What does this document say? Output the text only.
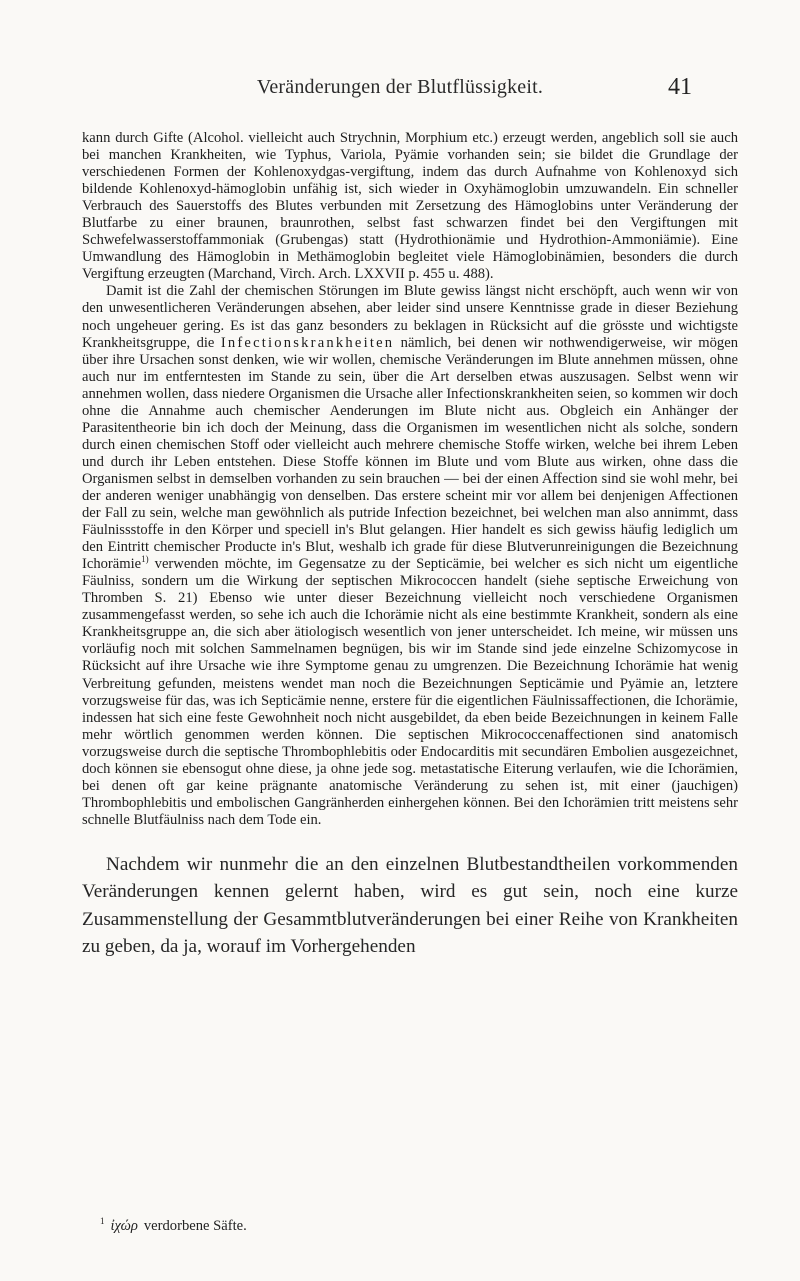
Veränderungen der Blutflüssigkeit.	41

kann durch Gifte (Alcohol. vielleicht auch Strychnin, Morphium etc.) erzeugt werden, angeblich soll sie auch bei manchen Krankheiten, wie Typhus, Variola, Pyämie vorhanden sein; sie bildet die Grundlage der verschiedenen Formen der Kohlenoxydgas-vergiftung, indem das durch Aufnahme von Kohlenoxyd sich bildende Kohlenoxyd-hämoglobin unfähig ist, sich wieder in Oxyhämoglobin umzuwandeln. Ein schneller Verbrauch des Sauerstoffs des Blutes verbunden mit Zersetzung des Hämoglobins unter Veränderung der Blutfarbe zu einer braunen, braunrothen, selbst fast schwarzen findet bei den Vergiftungen mit Schwefelwasserstoffammoniak (Grubengas) statt (Hydrothionämie und Hydrothion-Ammoniämie). Eine Umwandlung des Hämoglobin in Methämoglobin begleitet viele Hämoglobinämien, besonders die durch Vergiftung erzeugten (Marchand, Virch. Arch. LXXVII p. 455 u. 488).

Damit ist die Zahl der chemischen Störungen im Blute gewiss längst nicht erschöpft, auch wenn wir von den unwesentlicheren Veränderungen absehen, aber leider sind unsere Kenntnisse grade in dieser Beziehung noch ungeheuer gering. Es ist das ganz besonders zu beklagen in Rücksicht auf die grösste und wichtigste Krankheitsgruppe, die Infectionskrankheiten nämlich, bei denen wir nothwendigerweise, wir mögen über ihre Ursachen sonst denken, wie wir wollen, chemische Veränderungen im Blute annehmen müssen, ohne auch nur im entferntesten im Stande zu sein, über die Art derselben etwas auszusagen. Selbst wenn wir annehmen wollen, dass niedere Organismen die Ursache aller Infectionskrankheiten seien, so kommen wir doch ohne die Annahme auch chemischer Aenderungen im Blute nicht aus. Obgleich ein Anhänger der Parasitentheorie bin ich doch der Meinung, dass die Organismen im wesentlichen nicht als solche, sondern durch einen chemischen Stoff oder vielleicht auch mehrere chemische Stoffe wirken, welche bei ihrem Leben und durch ihr Leben entstehen. Diese Stoffe können im Blute und vom Blute aus wirken, ohne dass die Organismen selbst in demselben vorhanden zu sein brauchen — bei der einen Affection sind sie wohl mehr, bei der anderen weniger unabhängig von denselben. Das erstere scheint mir vor allem bei denjenigen Affectionen der Fall zu sein, welche man gewöhnlich als putride Infection bezeichnet, bei welchen man also annimmt, dass Fäulnissstoffe in den Körper und speciell in's Blut gelangen. Hier handelt es sich gewiss häufig lediglich um den Eintritt chemischer Producte in's Blut, weshalb ich grade für diese Blutverunreinigungen die Bezeichnung Ichorämie$^{1)}$ verwenden möchte, im Gegensatze zu der Septicämie, bei welcher es sich nicht um eigentliche Fäulniss, sondern um die Wirkung der septischen Mikrococcen handelt (siehe septische Erweichung von Thromben S. 21) Ebenso wie unter dieser Bezeichnung vielleicht noch verschiedene Organismen zusammengefasst werden, so sehe ich auch die Ichorämie nicht als eine bestimmte Krankheit, sondern als eine Krankheitsgruppe an, die sich aber ätiologisch wesentlich von jener unterscheidet. Ich meine, wir müssen uns vorläufig noch mit solchen Sammelnamen begnügen, bis wir im Stande sind jede einzelne Schizomycose in Rücksicht auf ihre Ursache wie ihre Symptome genau zu umgrenzen. Die Bezeichnung Ichorämie hat wenig Verbreitung gefunden, meistens wendet man noch die Bezeichnungen Septicämie und Pyämie an, letztere vorzugsweise für das, was ich Septicämie nenne, erstere für die eigentlichen Fäulnissaffectionen, die Ichorämie, indessen hat sich eine feste Gewohnheit noch nicht ausgebildet, da eben beide Bezeichnungen in keinem Falle mehr wörtlich genommen werden können. Die septischen Mikrococcenaffectionen sind anatomisch vorzugsweise durch die septische Thrombophlebitis oder Endocarditis mit secundären Embolien ausgezeichnet, doch können sie ebensogut ohne diese, ja ohne jede sog. metastatische Eiterung verlaufen, wie die Ichorämien, bei denen oft gar keine prägnante anatomische Veränderung zu sehen ist, mit einer (jauchigen) Thrombophlebitis und embolischen Gangränherden einhergehen können. Bei den Ichorämien tritt meistens sehr schnelle Blutfäulniss nach dem Tode ein.

Nachdem wir nunmehr die an den einzelnen Blutbestandtheilen vorkommenden Veränderungen kennen gelernt haben, wird es gut sein, noch eine kurze Zusammenstellung der Gesammtblutveränderungen bei einer Reihe von Krankheiten zu geben, da ja, worauf im Vorhergehenden

$^1$ ἰχώρ verdorbene Säfte.
